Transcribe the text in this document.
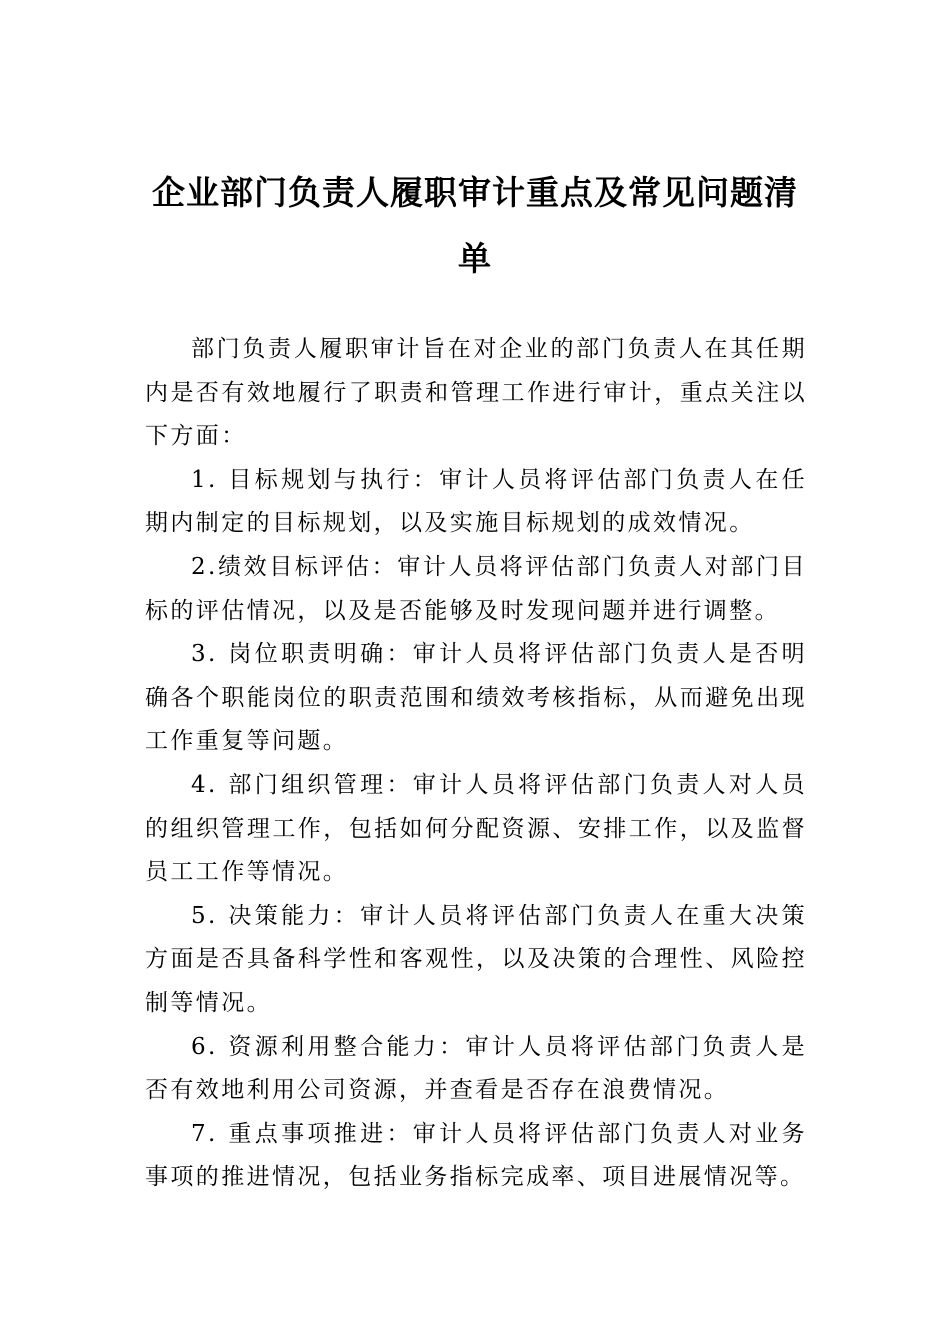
企业部门负责人履职审计重点及常见问题清单

部门负责人履职审计旨在对企业的部门负责人在其任期内是否有效地履行了职责和管理工作进行审计，重点关注以下方面：

1. 目标规划与执行：审计人员将评估部门负责人在任期内制定的目标规划，以及实施目标规划的成效情况。

2.绩效目标评估：审计人员将评估部门负责人对部门目标的评估情况，以及是否能够及时发现问题并进行调整。

3. 岗位职责明确：审计人员将评估部门负责人是否明确各个职能岗位的职责范围和绩效考核指标，从而避免出现工作重复等问题。

4. 部门组织管理：审计人员将评估部门负责人对人员的组织管理工作，包括如何分配资源、安排工作，以及监督员工工作等情况。

5. 决策能力：审计人员将评估部门负责人在重大决策方面是否具备科学性和客观性，以及决策的合理性、风险控制等情况。

6. 资源利用整合能力：审计人员将评估部门负责人是否有效地利用公司资源，并查看是否存在浪费情况。

7. 重点事项推进：审计人员将评估部门负责人对业务事项的推进情况，包括业务指标完成率、项目进展情况等。
